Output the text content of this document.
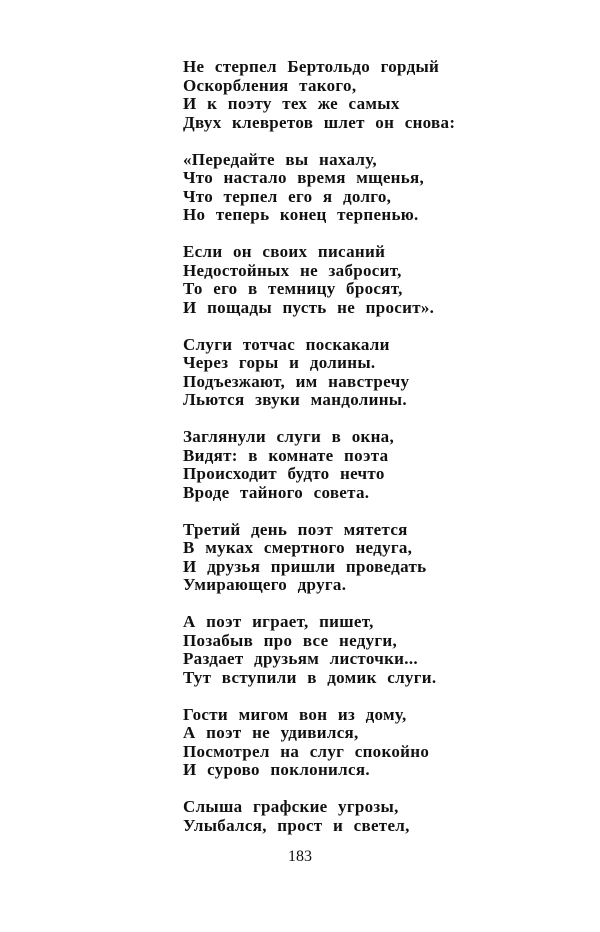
Не стерпел Бертольдо гордый
Оскорбления такого,
И к поэту тех же самых
Двух клевретов шлет он снова:
«Передайте вы нахалу,
Что настало время мщенья,
Что терпел его я долго,
Но теперь конец терпенью.
Если он своих писаний
Недостойных не забросит,
То его в темницу бросят,
И пощады пусть не просит».
Слуги тотчас поскакали
Через горы и долины.
Подъезжают, им навстречу
Льются звуки мандолины.
Заглянули слуги в окна,
Видят: в комнате поэта
Происходит будто нечто
Вроде тайного совета.
Третий день поэт мятется
В муках смертного недуга,
И друзья пришли проведать
Умирающего друга.
А поэт играет, пишет,
Позабыв про все недуги,
Раздает друзьям листочки...
Тут вступили в домик слуги.
Гости мигом вон из дому,
А поэт не удивился,
Посмотрел на слуг спокойно
И сурово поклонился.
Слыша графские угрозы,
Улыбался, прост и светел,
183
